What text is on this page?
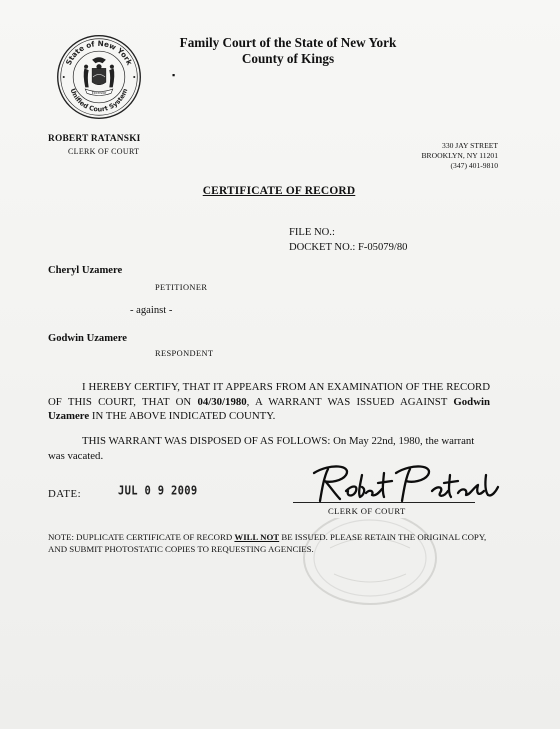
State of New York
Unified Court System
Excelsior
Family Court of the State of New York
County of Kings
▪
ROBERT RATANSKI
CLERK OF COURT
330 JAY STREET
BROOKLYN, NY 11201
(347) 401-9810
CERTIFICATE OF RECORD
FILE NO.:
DOCKET NO.: F-05079/80
Cheryl Uzamere
PETITIONER
- against -
Godwin Uzamere
RESPONDENT
I HEREBY CERTIFY, THAT IT APPEARS FROM AN EXAMINATION OF THE RECORD OF THIS COURT, THAT ON 04/30/1980, A WARRANT WAS ISSUED AGAINST Godwin Uzamere IN THE ABOVE INDICATED COUNTY.
THIS WARRANT WAS DISPOSED OF AS FOLLOWS: On May 22nd, 1980, the warrant was vacated.
DATE:	JUL 0 9 2009
CLERK OF COURT
NOTE: DUPLICATE CERTIFICATE OF RECORD WILL NOT BE ISSUED. PLEASE RETAIN THE ORIGINAL COPY, AND SUBMIT PHOTOSTATIC COPIES TO REQUESTING AGENCIES.
